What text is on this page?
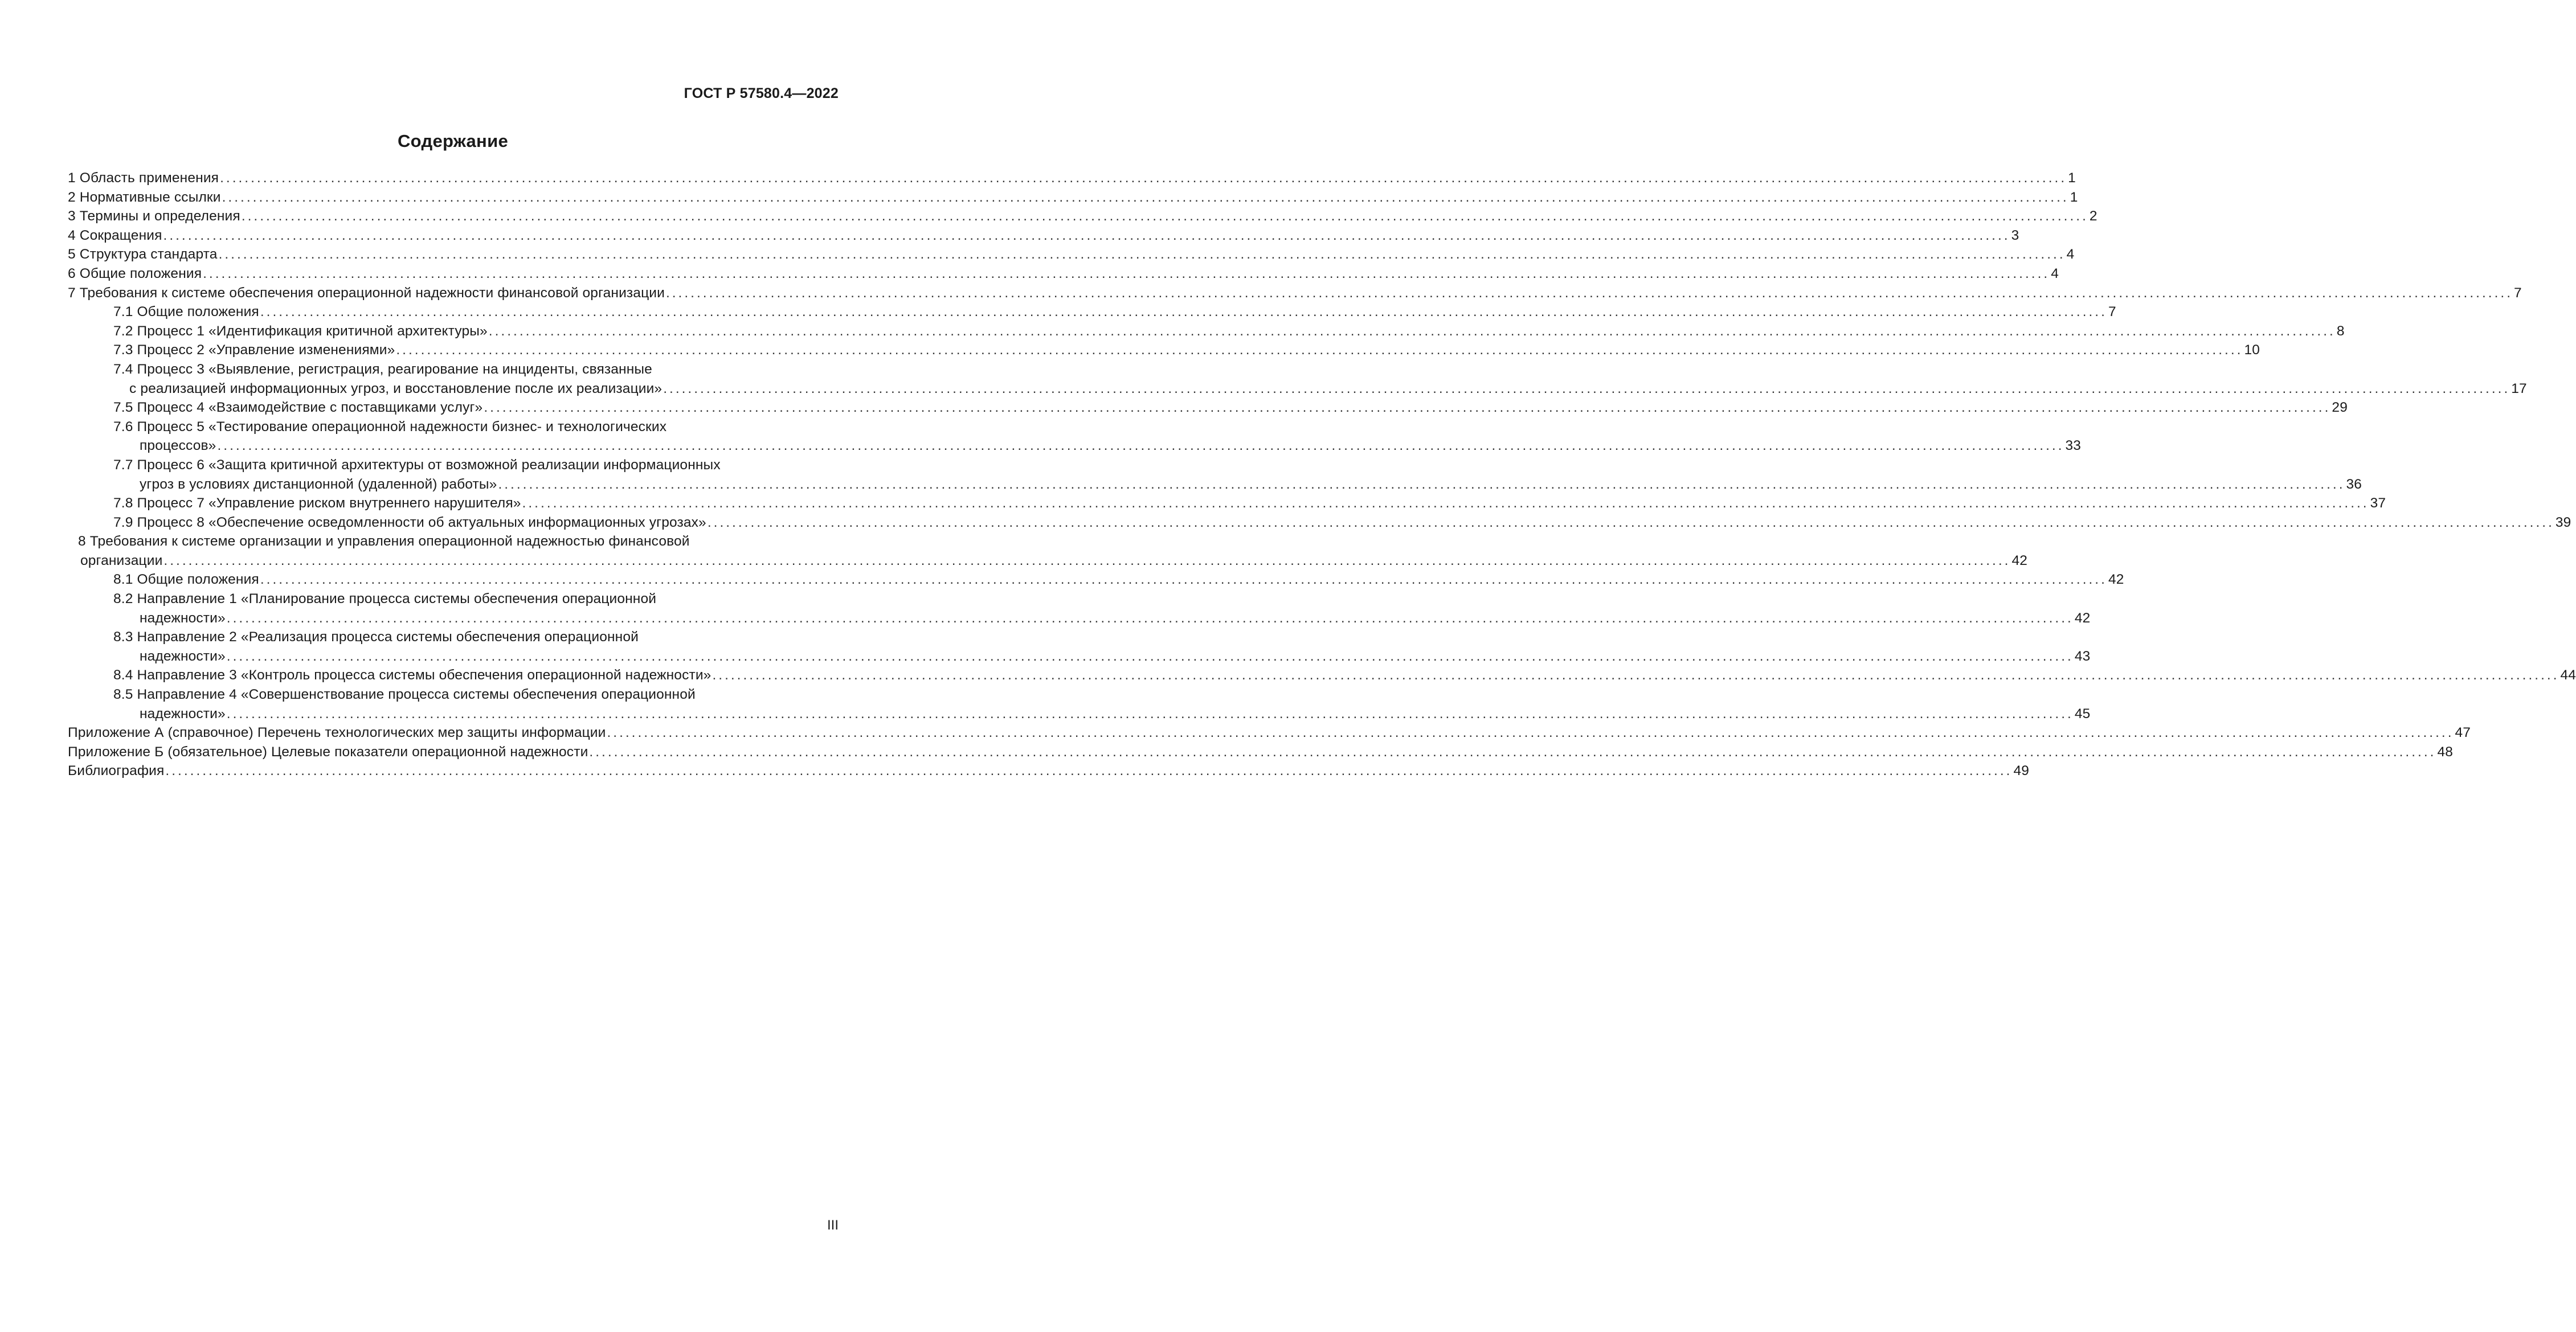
ГОСТ Р 57580.4—2022
Содержание
1 Область применения ............................................................................................................................................................................................................................................................................................................ 1
2 Нормативные ссылки ............................................................................................................................................................................................................................................................................................................ 1
3 Термины и определения ............................................................................................................................................................................................................................................................................................................ 2
4 Сокращения ............................................................................................................................................................................................................................................................................................................ 3
5 Структура стандарта ............................................................................................................................................................................................................................................................................................................ 4
6 Общие положения ............................................................................................................................................................................................................................................................................................................ 4
7 Требования к системе обеспечения операционной надежности финансовой организации ............................................................................................................................................................................................................................................................................................................ 7
7.1 Общие положения ............................................................................................................................................................................................................................................................................................................ 7
7.2 Процесс 1 «Идентификация критичной архитектуры» ............................................................................................................................................................................................................................................................................................................ 8
7.3 Процесс 2 «Управление изменениями» ............................................................................................................................................................................................................................................................................................................ 10
7.4 Процесс 3 «Выявление, регистрация, реагирование на инциденты, связанные
с реализацией информационных угроз, и восстановление после их реализации» ............................................................................................................................................................................................................................................................................................................ 17
7.5 Процесс 4 «Взаимодействие с поставщиками услуг» ............................................................................................................................................................................................................................................................................................................ 29
7.6 Процесс 5 «Тестирование операционной надежности бизнес- и технологических
процессов» ............................................................................................................................................................................................................................................................................................................ 33
7.7 Процесс 6 «Защита критичной архитектуры от возможной реализации информационных
угроз в условиях дистанционной (удаленной) работы» ............................................................................................................................................................................................................................................................................................................ 36
7.8 Процесс 7 «Управление риском внутреннего нарушителя» ............................................................................................................................................................................................................................................................................................................ 37
7.9 Процесс 8 «Обеспечение осведомленности об актуальных информационных угрозах» ............................................................................................................................................................................................................................................................................................................ 39
8 Требования к системе организации и управления операционной надежностью финансовой
организации ............................................................................................................................................................................................................................................................................................................ 42
8.1 Общие положения ............................................................................................................................................................................................................................................................................................................ 42
8.2 Направление 1 «Планирование процесса системы обеспечения операционной
надежности» ............................................................................................................................................................................................................................................................................................................ 42
8.3 Направление 2 «Реализация процесса системы обеспечения операционной
надежности» ............................................................................................................................................................................................................................................................................................................ 43
8.4 Направление 3 «Контроль процесса системы обеспечения операционной надежности» ............................................................................................................................................................................................................................................................................................................ 44
8.5 Направление 4 «Совершенствование процесса системы обеспечения операционной
надежности» ............................................................................................................................................................................................................................................................................................................ 45
Приложение А (справочное) Перечень технологических мер защиты информации ............................................................................................................................................................................................................................................................................................................ 47
Приложение Б (обязательное) Целевые показатели операционной надежности ............................................................................................................................................................................................................................................................................................................ 48
Библиография ............................................................................................................................................................................................................................................................................................................ 49
III
